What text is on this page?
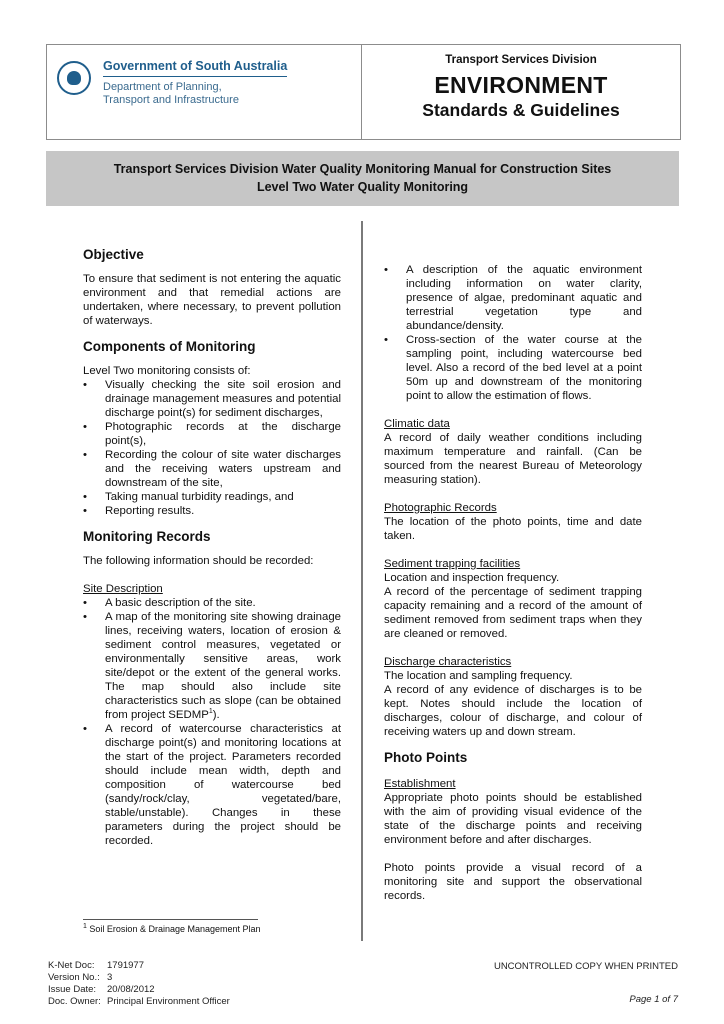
Government of South Australia
Department of Planning,
Transport and Infrastructure
Transport Services Division
ENVIRONMENT
Standards & Guidelines
Transport Services Division Water Quality Monitoring Manual for Construction Sites
Level Two Water Quality Monitoring
Objective

To ensure that sediment is not entering the aquatic environment and that remedial actions are undertaken, where necessary, to prevent pollution of waterways.

Components of Monitoring

Level Two monitoring consists of:

• Visually checking the site soil erosion and drainage management measures and potential discharge point(s) for sediment discharges,
• Photographic records at the discharge point(s),
• Recording the colour of site water discharges and the receiving waters upstream and downstream of the site,
• Taking manual turbidity readings, and
• Reporting results.
Monitoring Records

The following information should be recorded:

Site Description

• A basic description of the site.
• A map of the monitoring site showing drainage lines, receiving waters, location of erosion & sediment control measures, vegetated or environmentally sensitive areas, work site/depot or the extent of the general works. The map should also include site characteristics such as slope (can be obtained from project SEDMP$^1$).
• A record of watercourse characteristics at discharge point(s) and monitoring locations at the start of the project. Parameters recorded should include mean width, depth and composition of watercourse bed (sandy/rock/clay, vegetated/bare, stable/unstable). Changes in these parameters during the project should be recorded.
• A description of the aquatic environment including information on water clarity, presence of algae, predominant aquatic and terrestrial vegetation type and abundance/density.
• Cross-section of the water course at the sampling point, including watercourse bed level. Also a record of the bed level at a point 50m up and downstream of the monitoring point to allow the estimation of flows.

Climatic data

A record of daily weather conditions including maximum temperature and rainfall. (Can be sourced from the nearest Bureau of Meteorology measuring station).

Photographic Records

The location of the photo points, time and date taken.

Sediment trapping facilities

Location and inspection frequency.

A record of the percentage of sediment trapping capacity remaining and a record of the amount of sediment removed from sediment traps when they are cleaned or removed.

Discharge characteristics

The location and sampling frequency.

A record of any evidence of discharges is to be kept. Notes should include the location of discharges, colour of discharge, and colour of receiving waters up and down stream.

Photo Points

Establishment

Appropriate photo points should be established with the aim of providing visual evidence of the state of the discharge points and receiving environment before and after discharges.

Photo points provide a visual record of a monitoring site and support the observational records.

$^1$ Soil Erosion & Drainage Management Plan
K-Net Doc: 1791977
Version No.: 3
Issue Date: 20/08/2012
Doc. Owner: Principal Environment Officer
UNCONTROLLED COPY WHEN PRINTED
Page 1 of 7
